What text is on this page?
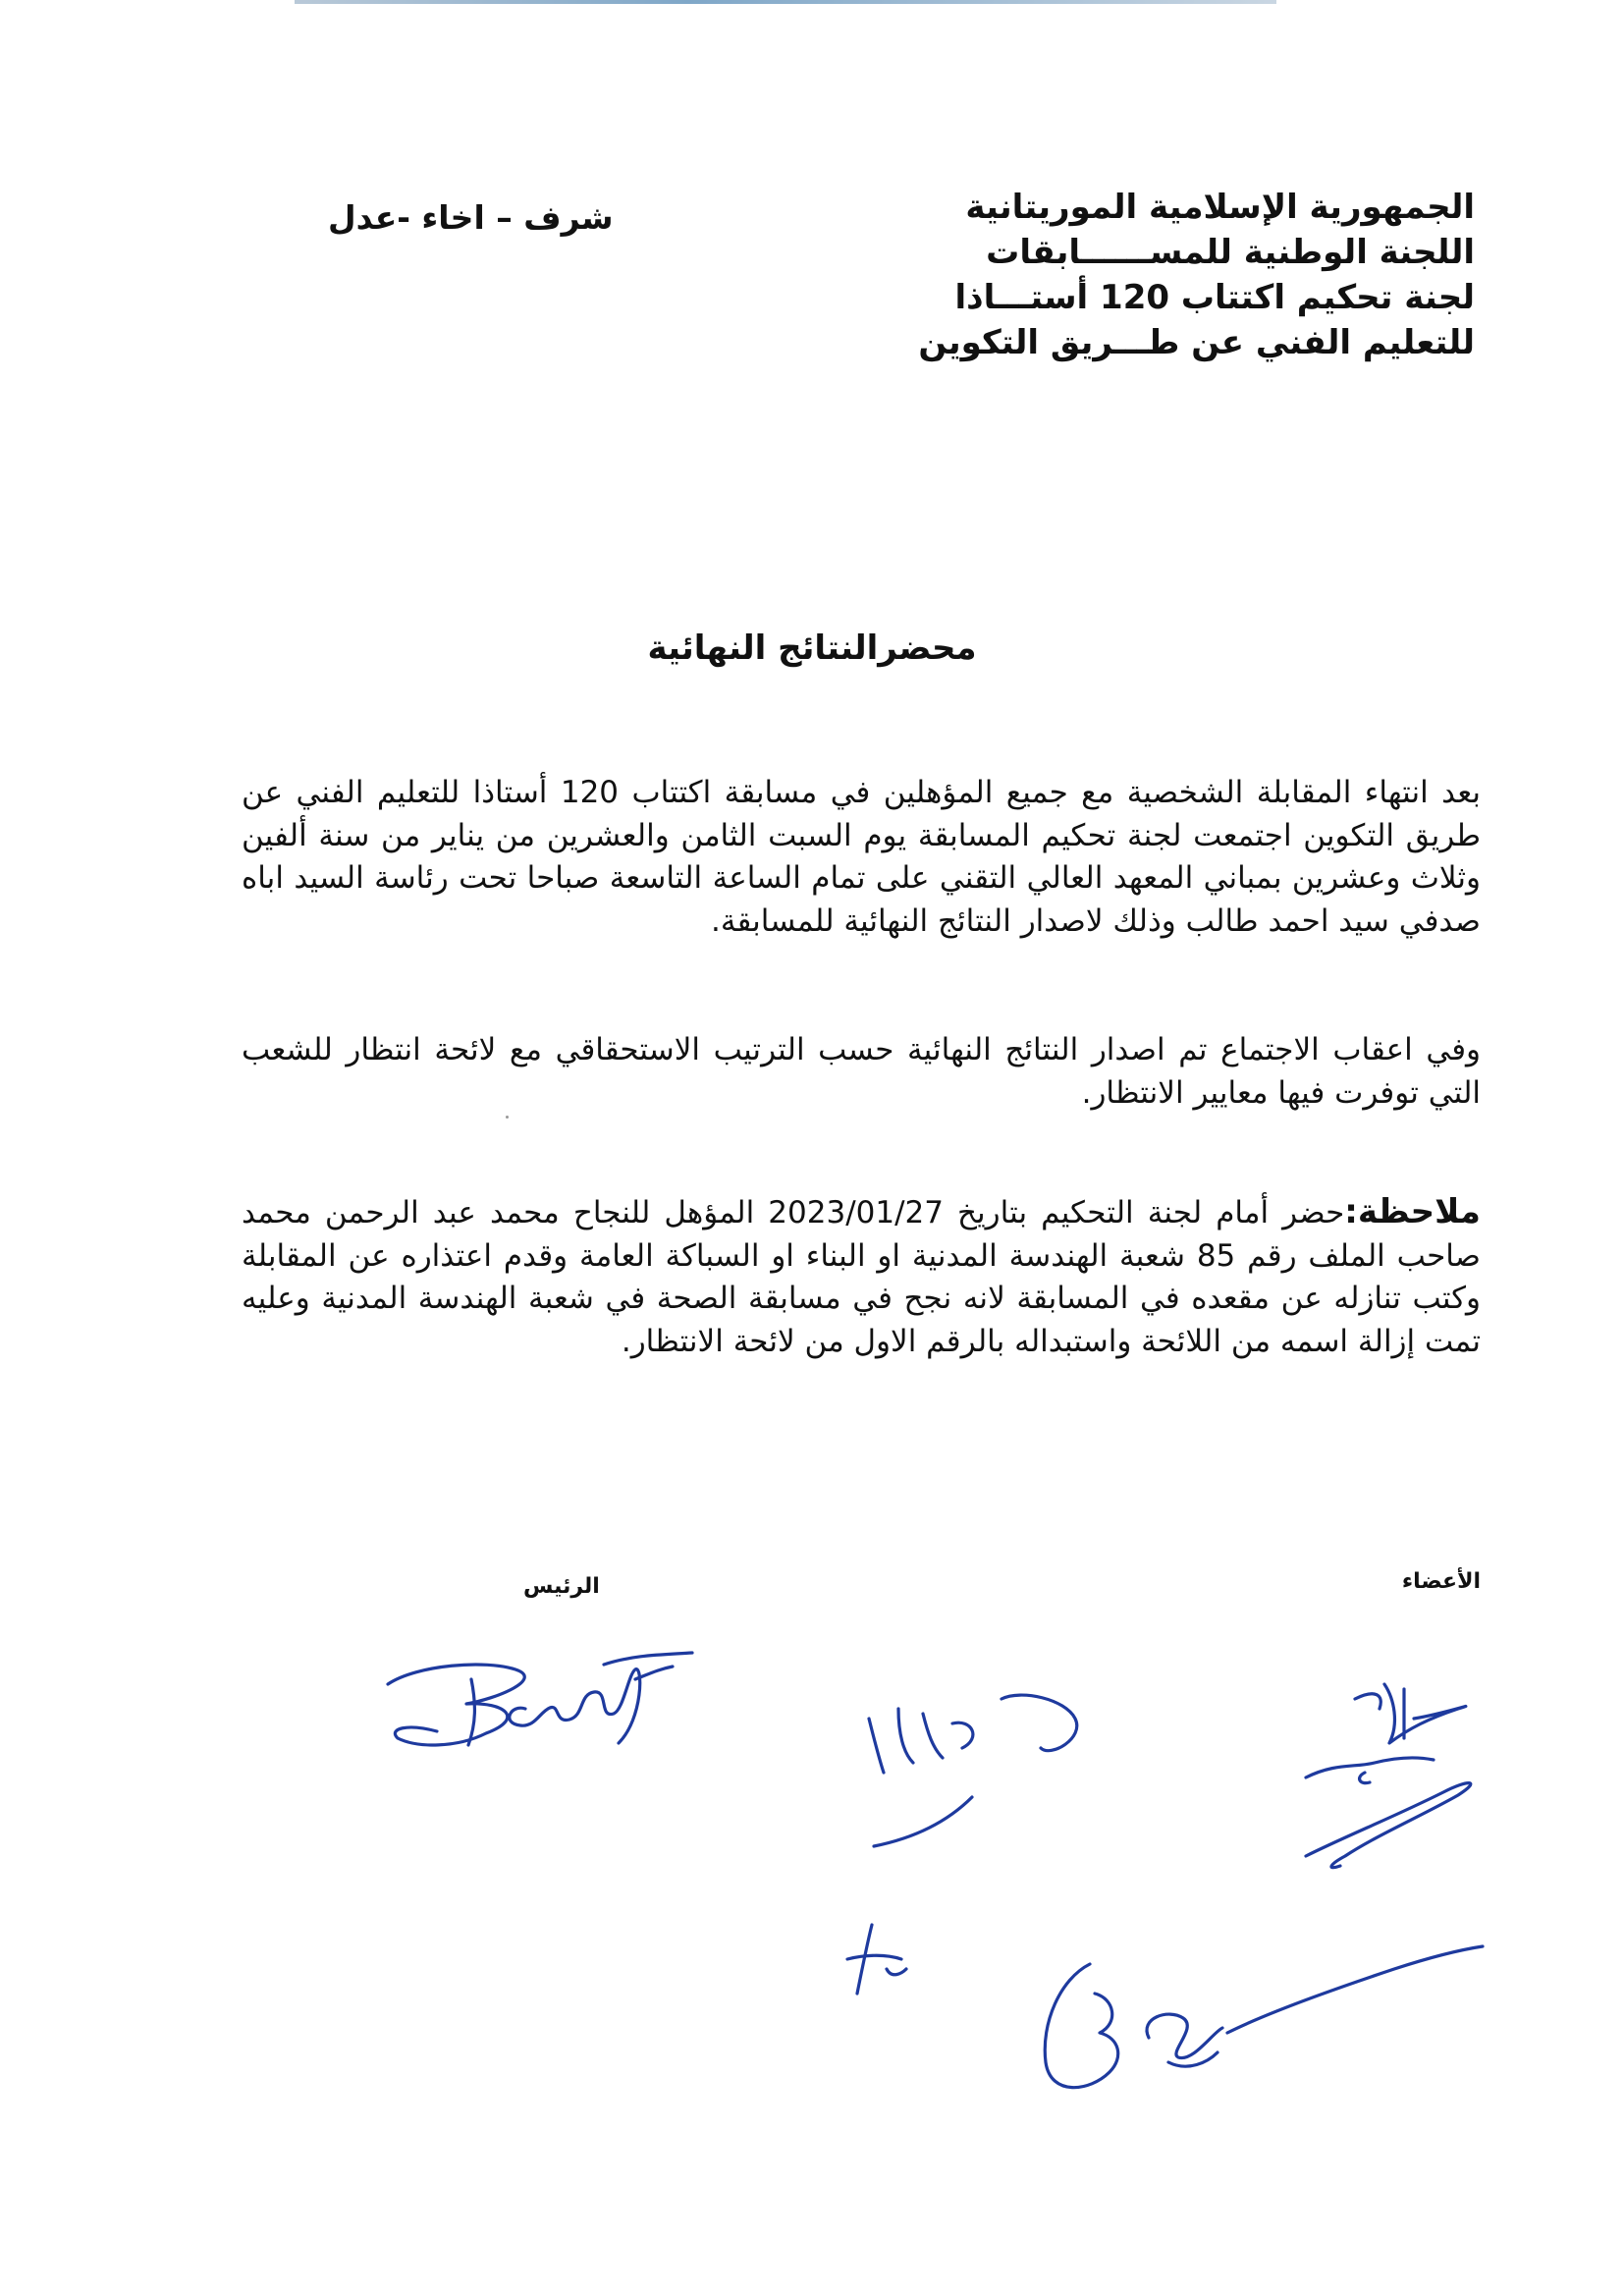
الجمهورية الإسلامية الموريتانية
اللجنة الوطنية للمســــــابقات
لجنة تحكيم اكتتاب 120 أستـــاذا
للتعليم الفني عن طـــريق التكوين
شرف – اخاء -عدل
محضرالنتائج النهائية
بعد انتهاء المقابلة الشخصية مع جميع المؤهلين في مسابقة اكتتاب 120 أستاذا للتعليم الفني عن طريق التكوين اجتمعت لجنة تحكيم المسابقة يوم السبت الثامن والعشرين من يناير من سنة ألفين وثلاث وعشرين بمباني المعهد العالي التقني على تمام الساعة التاسعة صباحا تحت رئاسة السيد اباه صدفي سيد احمد طالب وذلك لاصدار النتائج النهائية للمسابقة.
وفي اعقاب الاجتماع تم اصدار النتائج النهائية حسب الترتيب الاستحقاقي مع لائحة انتظار للشعب التي توفرت فيها معايير الانتظار.
ملاحظة:حضر أمام لجنة التحكيم بتاريخ 2023/01/27 المؤهل للنجاح محمد عبد الرحمن محمد صاحب الملف رقم 85 شعبة الهندسة المدنية او البناء او السباكة العامة وقدم اعتذاره عن المقابلة وكتب تنازله عن مقعده في المسابقة لانه نجح في مسابقة الصحة في شعبة الهندسة المدنية وعليه تمت إزالة اسمه من اللائحة واستبداله بالرقم الاول من لائحة الانتظار.
الأعضاء
الرئيس
